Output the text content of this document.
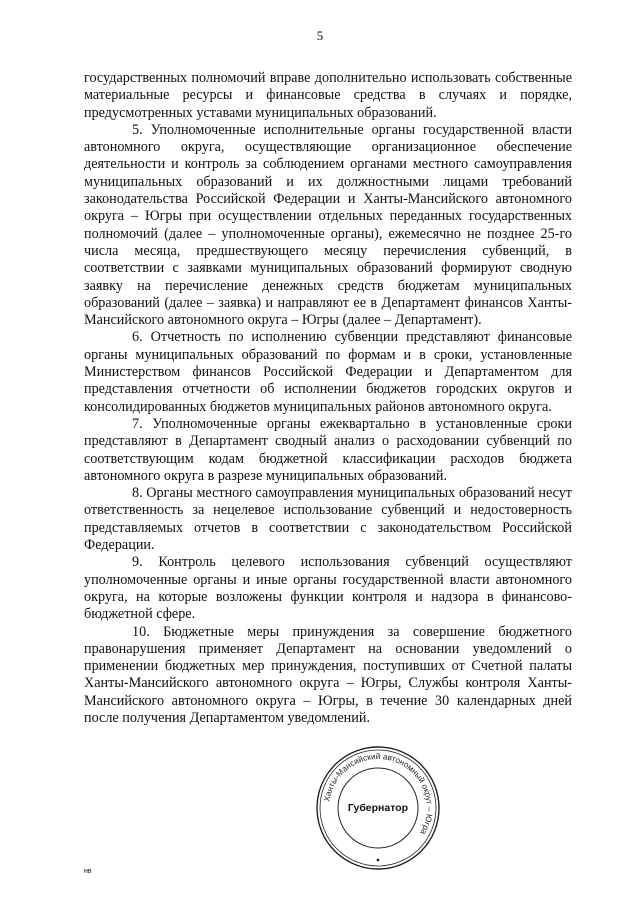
5

государственных полномочий вправе дополнительно использовать собственные материальные ресурсы и финансовые средства в случаях и порядке, предусмотренных уставами муниципальных образований.

5. Уполномоченные исполнительные органы государственной власти автономного округа, осуществляющие организационное обеспечение деятельности и контроль за соблюдением органами местного самоуправления муниципальных образований и их должностными лицами требований законодательства Российской Федерации и Ханты-Мансийского автономного округа – Югры при осуществлении отдельных переданных государственных полномочий (далее – уполномоченные органы), ежемесячно не позднее 25-го числа месяца, предшествующего месяцу перечисления субвенций, в соответствии с заявками муниципальных образований формируют сводную заявку на перечисление денежных средств бюджетам муниципальных образований (далее – заявка) и направляют ее в Департамент финансов Ханты-Мансийского автономного округа – Югры (далее – Департамент).

6. Отчетность по исполнению субвенции представляют финансовые органы муниципальных образований по формам и в сроки, установленные Министерством финансов Российской Федерации и Департаментом для представления отчетности об исполнении бюджетов городских округов и консолидированных бюджетов муниципальных районов автономного округа.

7. Уполномоченные органы ежеквартально в установленные сроки представляют в Департамент сводный анализ о расходовании субвенций по соответствующим кодам бюджетной классификации расходов бюджета автономного округа в разрезе муниципальных образований.

8. Органы местного самоуправления муниципальных образований несут ответственность за нецелевое использование субвенций и недостоверность представляемых отчетов в соответствии с законодательством Российской Федерации.

9. Контроль целевого использования субвенций осуществляют уполномоченные органы и иные органы государственной власти автономного округа, на которые возложены функции контроля и надзора в финансово-бюджетной сфере.

10. Бюджетные меры принуждения за совершение бюджетного правонарушения применяет Департамент на основании уведомлений о применении бюджетных мер принуждения, поступивших от Счетной палаты Ханты-Мансийского автономного округа – Югры, Службы контроля Ханты-Мансийского автономного округа – Югры, в течение 30 календарных дней после получения Департаментом уведомлений.

Ханты-Мансийский автономный округ – Югра
Губернатор
нв
